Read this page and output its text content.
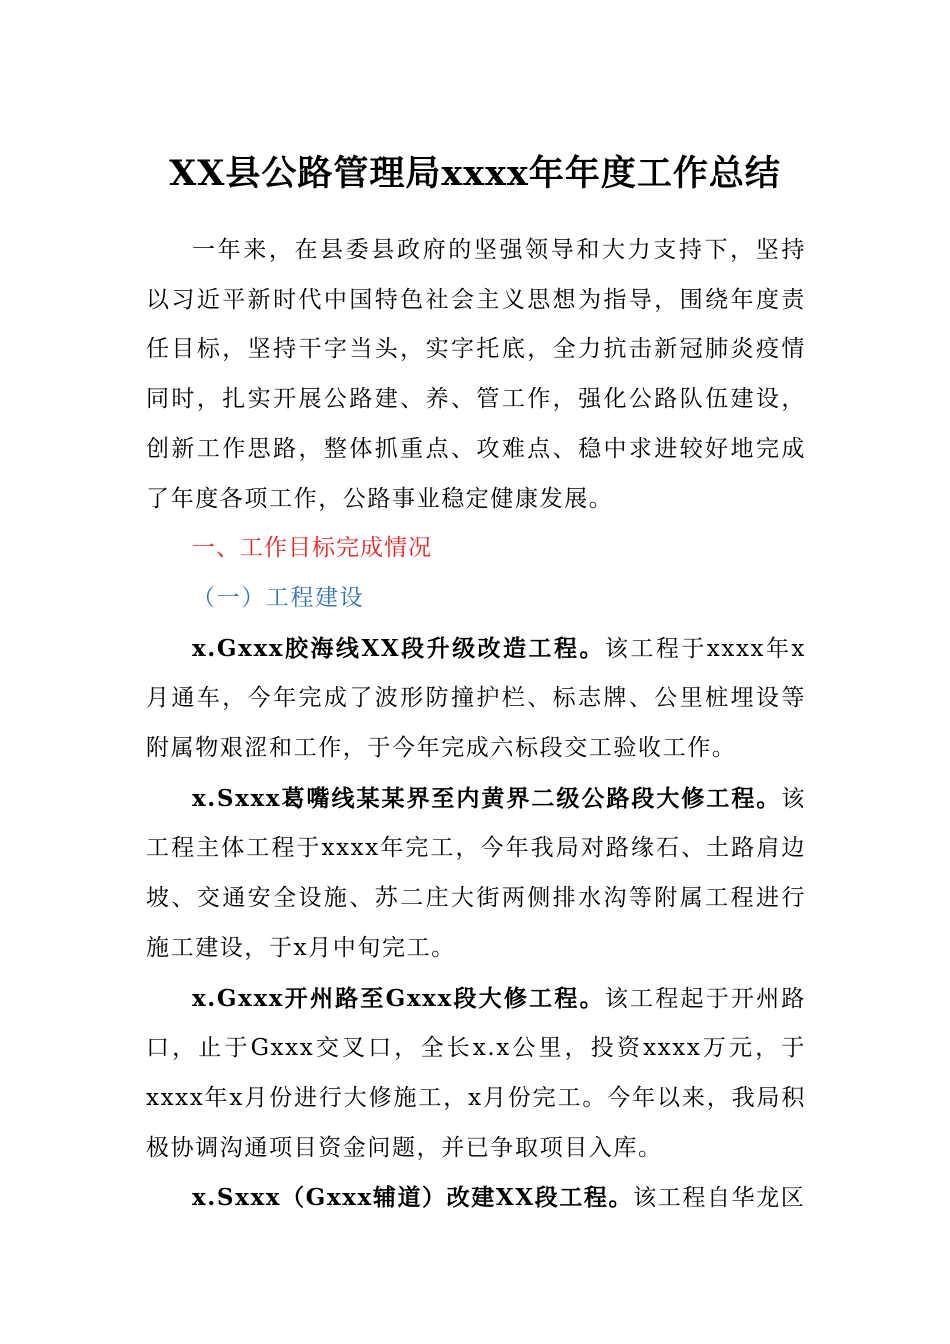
XX县公路管理局xxxx年年度工作总结
一年来，在县委县政府的坚强领导和大力支持下，坚持以习近平新时代中国特色社会主义思想为指导，围绕年度责任目标，坚持干字当头，实字托底，全力抗击新冠肺炎疫情同时，扎实开展公路建、养、管工作，强化公路队伍建设，创新工作思路，整体抓重点、攻难点、稳中求进较好地完成了年度各项工作，公路事业稳定健康发展。
一、工作目标完成情况
（一）工程建设
x.Gxxx胶海线XX段升级改造工程。该工程于xxxx年x月通车，今年完成了波形防撞护栏、标志牌、公里桩埋设等附属物艰涩和工作，于今年完成六标段交工验收工作。
x.Sxxx葛嘴线某某界至内黄界二级公路段大修工程。该工程主体工程于xxxx年完工，今年我局对路缘石、土路肩边坡、交通安全设施、苏二庄大街两侧排水沟等附属工程进行施工建设，于x月中旬完工。
x.Gxxx开州路至Gxxx段大修工程。该工程起于开州路口，止于Gxxx交叉口，全长x.x公里，投资xxxx万元，于xxxx年x月份进行大修施工，x月份完工。今年以来，我局积极协调沟通项目资金问题，并已争取项目入库。
x.Sxxx（Gxxx辅道）改建XX段工程。该工程自华龙区
